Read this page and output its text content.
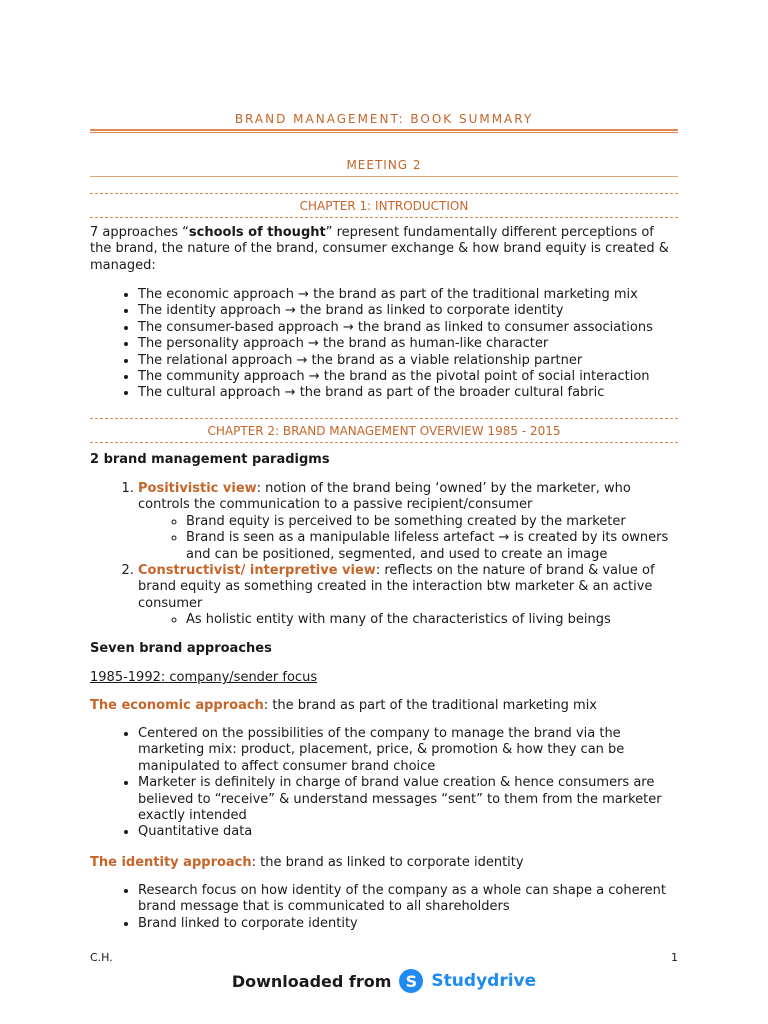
BRAND MANAGEMENT: BOOK SUMMARY
MEETING 2
CHAPTER 1: INTRODUCTION

7 approaches “schools of thought” represent fundamentally different perceptions of the brand, the nature of the brand, consumer exchange & how brand equity is created & managed:

• The economic approach → the brand as part of the traditional marketing mix
• The identity approach → the brand as linked to corporate identity
• The consumer-based approach → the brand as linked to consumer associations
• The personality approach → the brand as human-like character
• The relational approach → the brand as a viable relationship partner
• The community approach → the brand as the pivotal point of social interaction
• The cultural approach → the brand as part of the broader cultural fabric
CHAPTER 2: BRAND MANAGEMENT OVERVIEW 1985 - 2015

2 brand management paradigms

1. Positivistic view: notion of the brand being ‘owned’ by the marketer, who controls the communication to a passive recipient/consumer
◦ Brand equity is perceived to be something created by the marketer
◦ Brand is seen as a manipulable lifeless artefact → is created by its owners and can be positioned, segmented, and used to create an image
2. Constructivist/ interpretive view: reflects on the nature of brand & value of brand equity as something created in the interaction btw marketer & an active consumer
◦ As holistic entity with many of the characteristics of living beings

Seven brand approaches

1985-1992: company/sender focus

The economic approach: the brand as part of the traditional marketing mix

• Centered on the possibilities of the company to manage the brand via the marketing mix: product, placement, price, & promotion & how they can be manipulated to affect consumer brand choice
• Marketer is definitely in charge of brand value creation & hence consumers are believed to “receive” & understand messages “sent” to them from the marketer exactly intended
• Quantitative data

The identity approach: the brand as linked to corporate identity

• Research focus on how identity of the company as a whole can shape a coherent brand message that is communicated to all shareholders
• Brand linked to corporate identity
C.H.	1
Downloaded from S Studydrive
